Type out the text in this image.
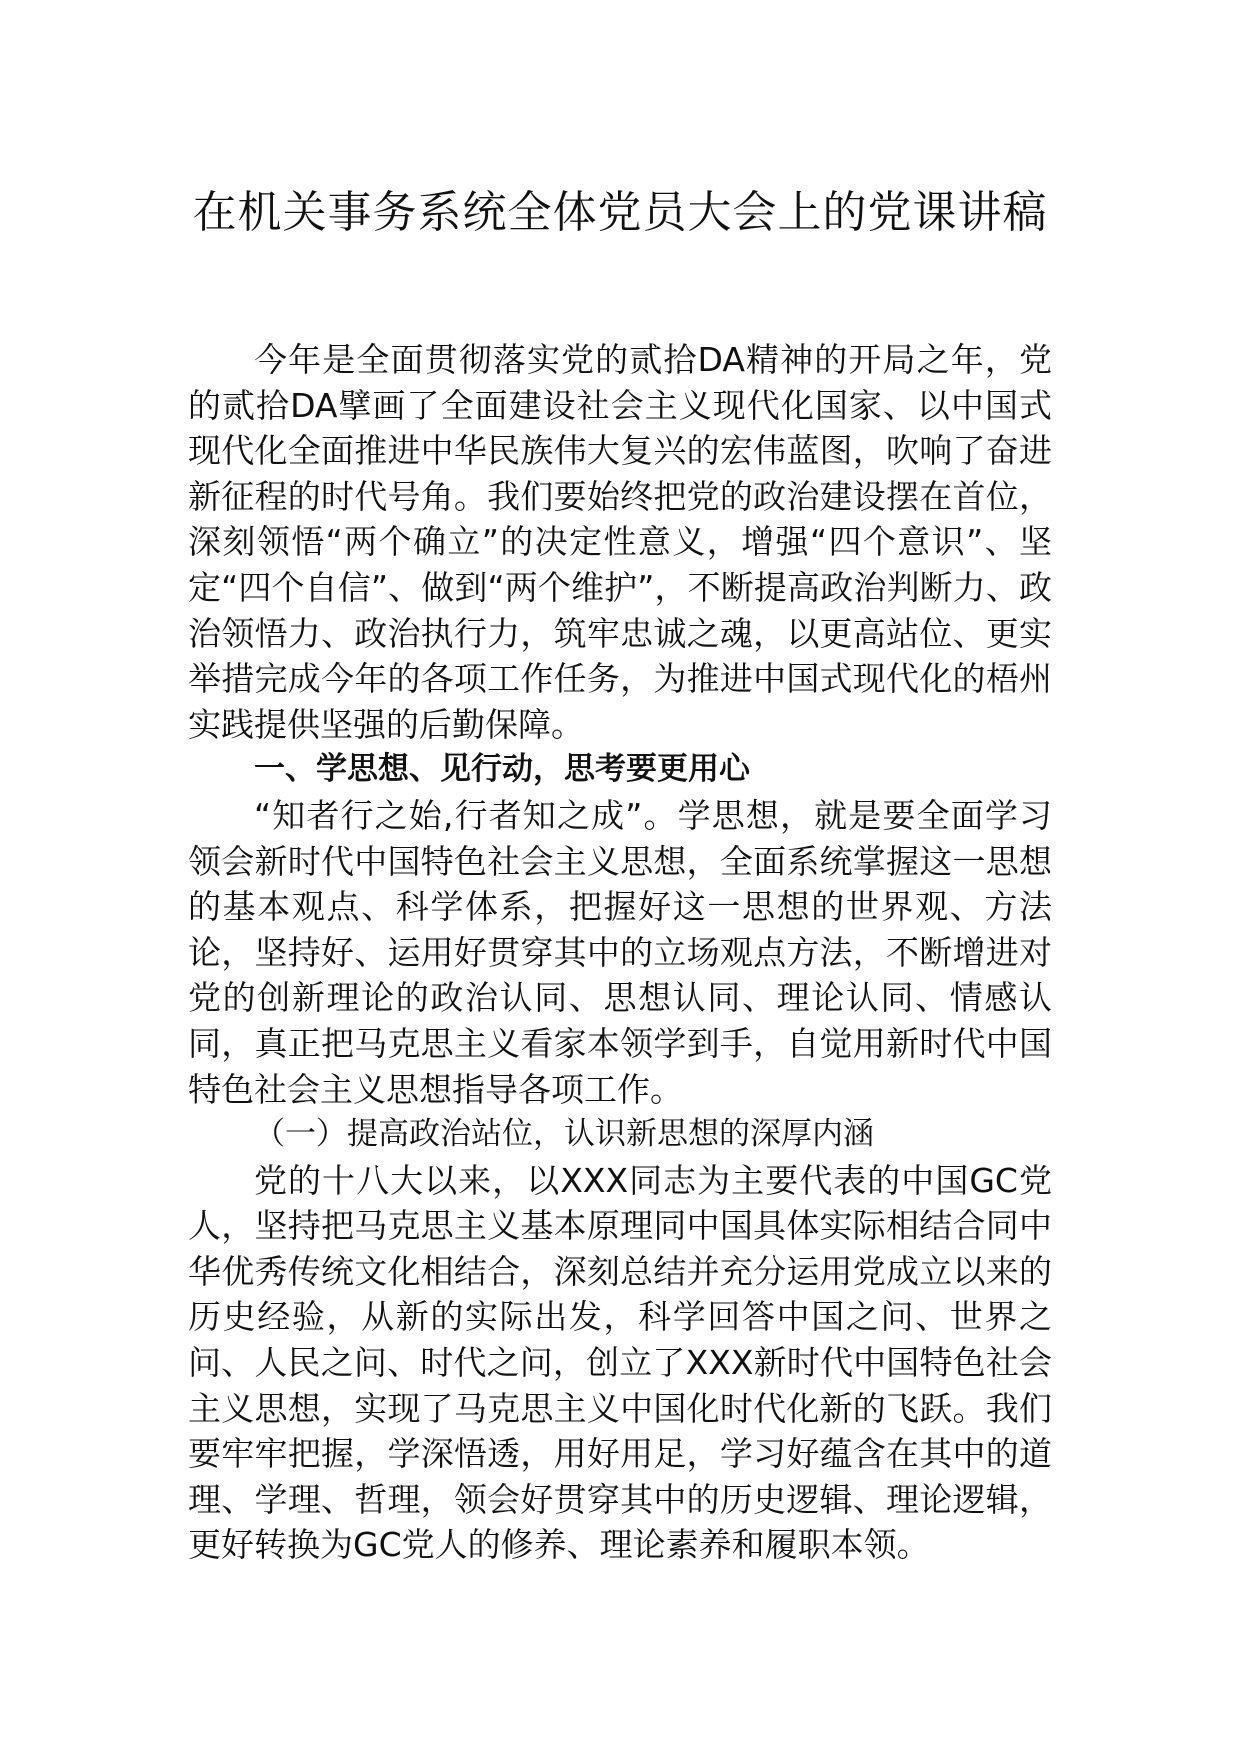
在机关事务系统全体党员大会上的党课讲稿

今年是全面贯彻落实党的贰拾DA精神的开局之年，党的贰拾DA擘画了全面建设社会主义现代化国家、以中国式现代化全面推进中华民族伟大复兴的宏伟蓝图，吹响了奋进新征程的时代号角。我们要始终把党的政治建设摆在首位，深刻领悟“两个确立”的决定性意义，增强“四个意识”、坚定“四个自信”、做到“两个维护”，不断提高政治判断力、政治领悟力、政治执行力，筑牢忠诚之魂，以更高站位、更实举措完成今年的各项工作任务，为推进中国式现代化的梧州实践提供坚强的后勤保障。

一、学思想、见行动，思考要更用心

“知者行之始,行者知之成”。学思想，就是要全面学习领会新时代中国特色社会主义思想，全面系统掌握这一思想的基本观点、科学体系，把握好这一思想的世界观、方法论，坚持好、运用好贯穿其中的立场观点方法，不断增进对党的创新理论的政治认同、思想认同、理论认同、情感认同，真正把马克思主义看家本领学到手，自觉用新时代中国特色社会主义思想指导各项工作。

（一）提高政治站位，认识新思想的深厚内涵

党的十八大以来，以XXX同志为主要代表的中国GC党人，坚持把马克思主义基本原理同中国具体实际相结合同中华优秀传统文化相结合，深刻总结并充分运用党成立以来的历史经验，从新的实际出发，科学回答中国之问、世界之问、人民之问、时代之问，创立了XXX新时代中国特色社会主义思想，实现了马克思主义中国化时代化新的飞跃。我们要牢牢把握，学深悟透，用好用足，学习好蕴含在其中的道理、学理、哲理，领会好贯穿其中的历史逻辑、理论逻辑，更好转换为GC党人的修养、理论素养和履职本领。
